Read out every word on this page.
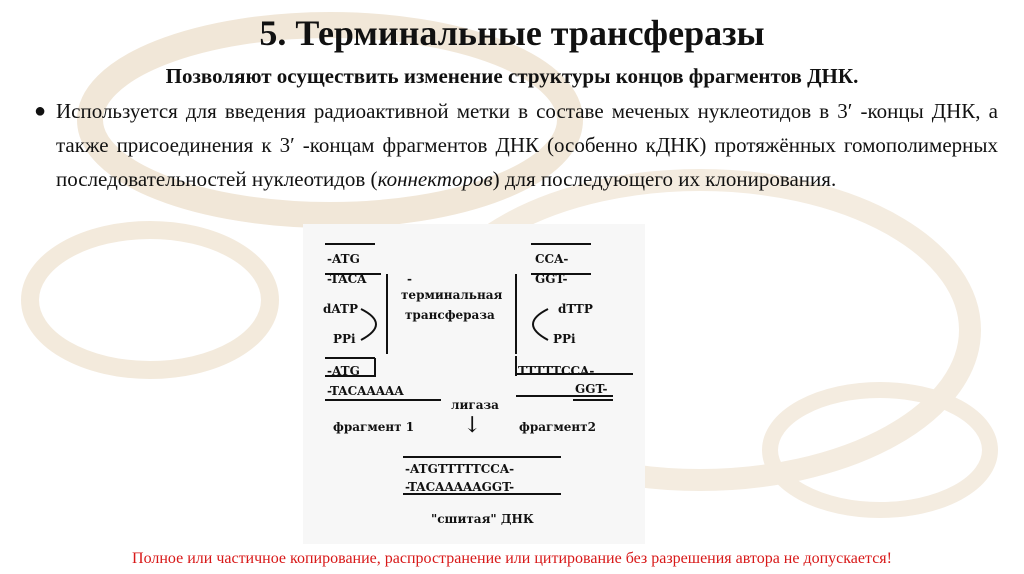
5. Терминальные трансферазы
Позволяют осуществить изменение структуры концов фрагментов ДНК.
● Используется для введения радиоактивной метки в составе меченых нуклеотидов в 3′ -концы ДНК, а также присоединения к 3′ -концам фрагментов ДНК (особенно кДНК) протяжённых гомополимерных последовательностей нуклеотидов (коннекторов) для последующего их клонирования.
-ATG
-TACA
CCA-
GGT-
-
терминальная
трансфераза
dATP	dTTP
PPi	PPi
-ATG
-TACAAAAA
TTTTTCCA-
GGT-
лигаза
↓
фрагмент 1	фрагмент2
-ATGTTTTTCCA-
-TACAAAAAGGT-
"сшитая" ДНК
Полное или частичное копирование, распространение или цитирование без разрешения автора не допускается!
